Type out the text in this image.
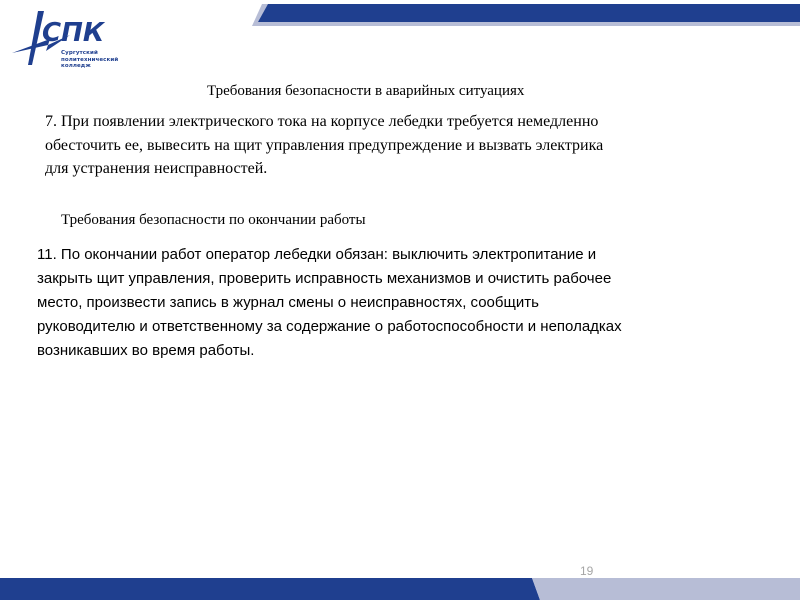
СПК
Сургутский
политехнический
колледж
Требования безопасности в аварийных ситуациях
7. При появлении электрического тока на корпусе лебедки требуется немедленно
обесточить ее, вывесить на щит управления предупреждение и вызвать электрика
для устранения неисправностей.
Требования безопасности по окончании работы
11. По окончании работ оператор лебедки обязан: выключить электропитание и
закрыть щит управления, проверить исправность механизмов и очистить рабочее
место, произвести запись в журнал смены о неисправностях, сообщить
руководителю и ответственному за содержание о работоспособности и неполадках
возникавших во время работы.
19
